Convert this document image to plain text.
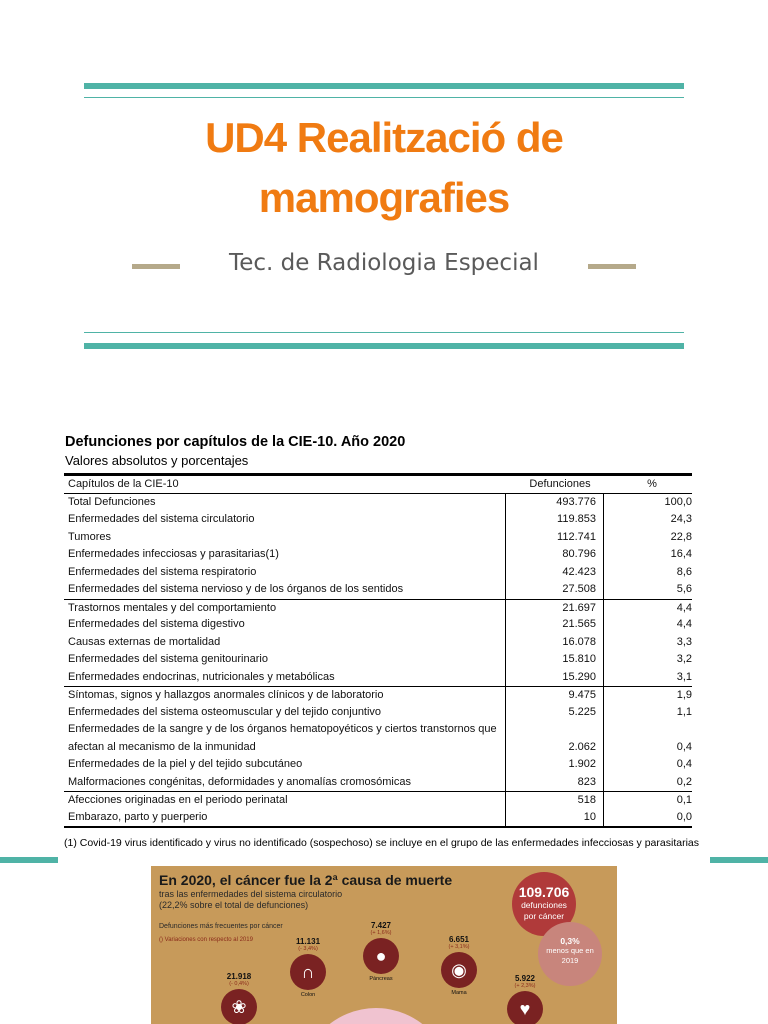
UD4 Realització de mamografies
Tec. de Radiologia Especial
Defunciones por capítulos de la CIE-10. Año 2020
Valores absolutos y porcentajes
Capítulos de la CIE-10	Defunciones	%
Total Defunciones	493.776	100,0
Enfermedades del sistema circulatorio	119.853	24,3
Tumores	112.741	22,8
Enfermedades infecciosas y parasitarias(1)	80.796	16,4
Enfermedades del sistema respiratorio	42.423	8,6
Enfermedades del sistema nervioso y de los órganos de los sentidos	27.508	5,6
Trastornos mentales y del comportamiento	21.697	4,4
Enfermedades del sistema digestivo	21.565	4,4
Causas externas de mortalidad	16.078	3,3
Enfermedades del sistema genitourinario	15.810	3,2
Enfermedades endocrinas, nutricionales y metabólicas	15.290	3,1
Síntomas, signos y hallazgos anormales clínicos y de laboratorio	9.475	1,9
Enfermedades del sistema osteomuscular y del tejido conjuntivo	5.225	1,1
Enfermedades de la sangre y de los órganos hematopoyéticos y ciertos transtornos que afectan al mecanismo de la inmunidad	2.062	0,4
Enfermedades de la piel y del tejido subcutáneo	1.902	0,4
Malformaciones congénitas, deformidades y anomalías cromosómicas	823	0,2
Afecciones originadas en el periodo perinatal	518	0,1
Embarazo, parto y puerperio	10	0,0
(1) Covid-19 virus identificado y virus no identificado (sospechoso) se incluye en el grupo de las enfermedades infecciosas y parasitarias
En 2020, el cáncer fue la 2ª causa de muerte
tras las enfermedades del sistema circulatorio
(22,2% sobre el total de defunciones)
Defunciones más frecuentes por cáncer
() Variaciones con respecto al 2019
109.706
defunciones
por cáncer
0,3%
menos que en
2019
21.918
(- 0,4%)
❀
11.131
(- 3,4%)
∩
Colon
7.427
(+ 1,6%)
●
Páncreas
6.651
(+ 3,1%)
◉
Mama
5.922
(+ 2,3%)
♥
